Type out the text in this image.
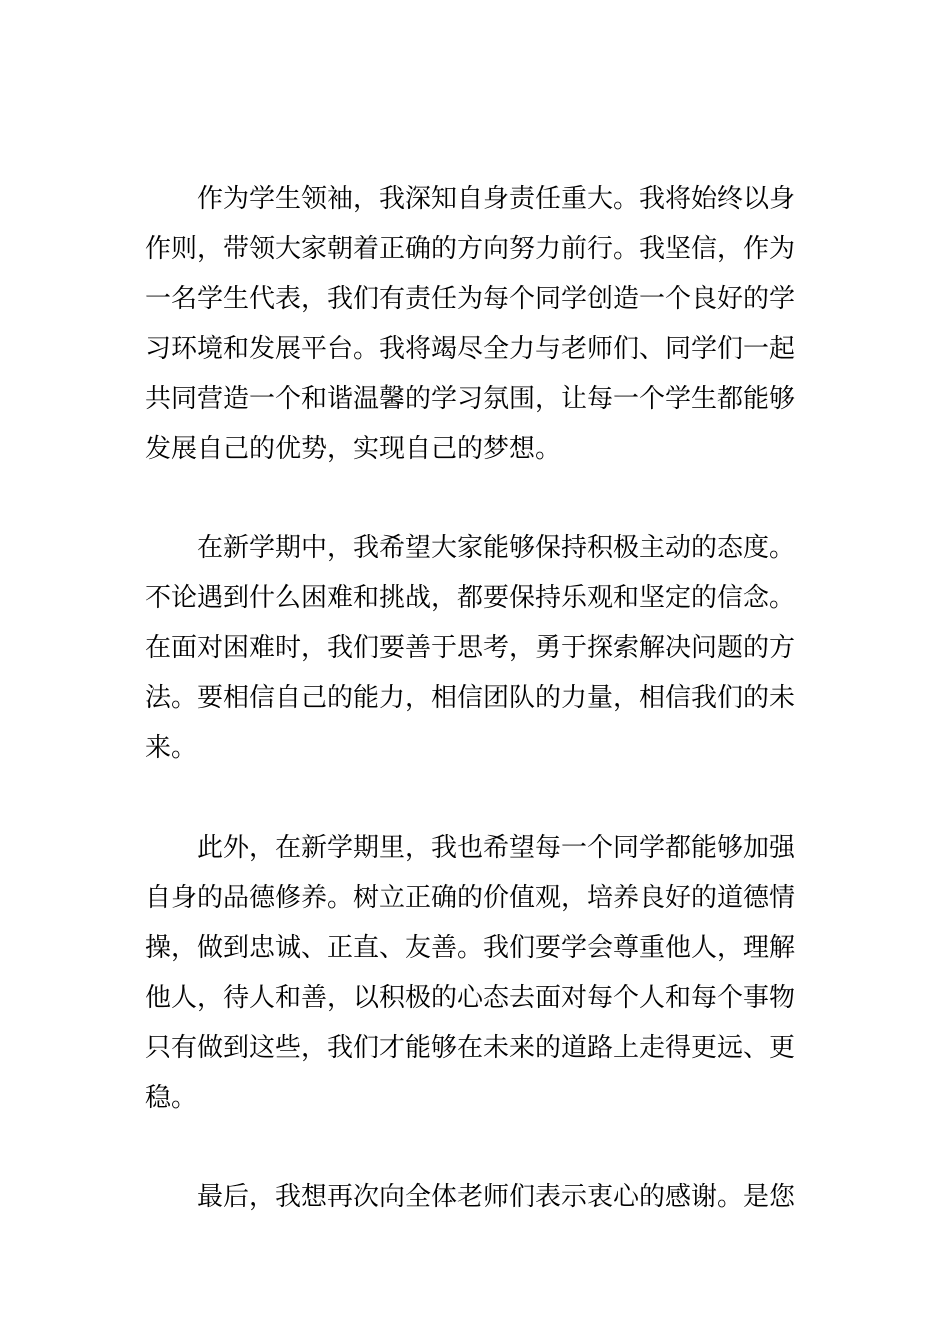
作为学生领袖，我深知自身责任重大。我将始终以身
作则，带领大家朝着正确的方向努力前行。我坚信，作为
一名学生代表，我们有责任为每个同学创造一个良好的学
习环境和发展平台。我将竭尽全力与老师们、同学们一起
共同营造一个和谐温馨的学习氛围，让每一个学生都能够
发展自己的优势，实现自己的梦想。
在新学期中，我希望大家能够保持积极主动的态度。
不论遇到什么困难和挑战，都要保持乐观和坚定的信念。
在面对困难时，我们要善于思考，勇于探索解决问题的方
法。要相信自己的能力，相信团队的力量，相信我们的未
来。
此外，在新学期里，我也希望每一个同学都能够加强
自身的品德修养。树立正确的价值观，培养良好的道德情
操，做到忠诚、正直、友善。我们要学会尊重他人，理解
他人，待人和善，以积极的心态去面对每个人和每个事物
只有做到这些，我们才能够在未来的道路上走得更远、更
稳。
最后，我想再次向全体老师们表示衷心的感谢。是您
